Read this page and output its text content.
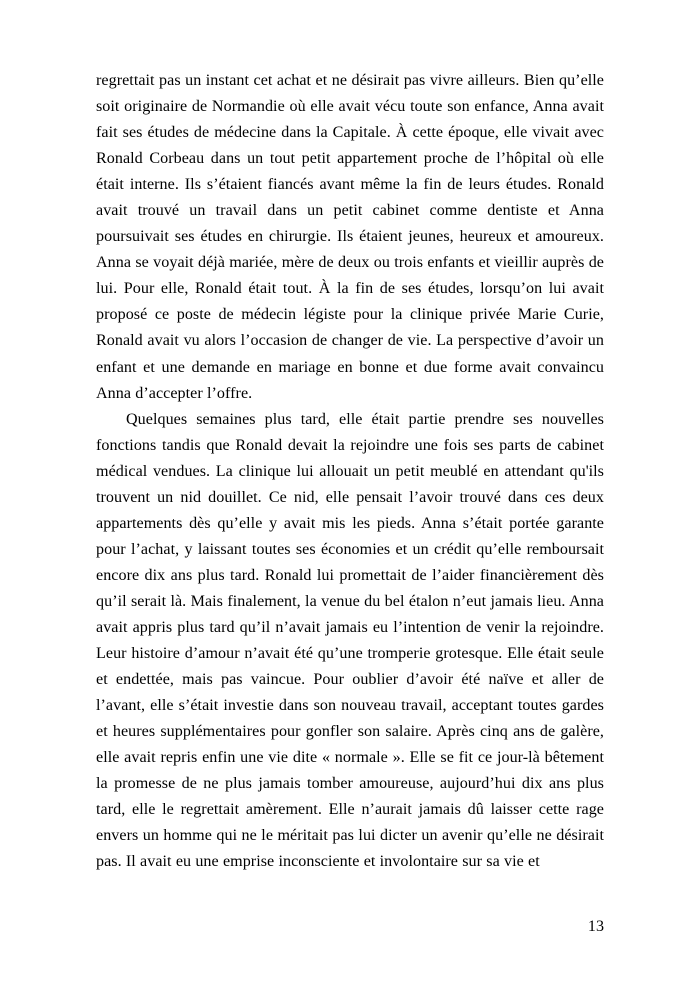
regrettait pas un instant cet achat et ne désirait pas vivre ailleurs. Bien qu’elle soit originaire de Normandie où elle avait vécu toute son enfance, Anna avait fait ses études de médecine dans la Capitale. À cette époque, elle vivait avec Ronald Corbeau dans un tout petit appartement proche de l’hôpital où elle était interne. Ils s’étaient fiancés avant même la fin de leurs études. Ronald avait trouvé un travail dans un petit cabinet comme dentiste et Anna poursuivait ses études en chirurgie. Ils étaient jeunes, heureux et amoureux. Anna se voyait déjà mariée, mère de deux ou trois enfants et vieillir auprès de lui. Pour elle, Ronald était tout. À la fin de ses études, lorsqu’on lui avait proposé ce poste de médecin légiste pour la clinique privée Marie Curie, Ronald avait vu alors l’occasion de changer de vie. La perspective d’avoir un enfant et une demande en mariage en bonne et due forme avait convaincu Anna d’accepter l’offre.

Quelques semaines plus tard, elle était partie prendre ses nouvelles fonctions tandis que Ronald devait la rejoindre une fois ses parts de cabinet médical vendues. La clinique lui allouait un petit meublé en attendant qu'ils trouvent un nid douillet. Ce nid, elle pensait l’avoir trouvé dans ces deux appartements dès qu’elle y avait mis les pieds. Anna s’était portée garante pour l’achat, y laissant toutes ses économies et un crédit qu’elle remboursait encore dix ans plus tard. Ronald lui promettait de l’aider financièrement dès qu’il serait là. Mais finalement, la venue du bel étalon n’eut jamais lieu. Anna avait appris plus tard qu’il n’avait jamais eu l’intention de venir la rejoindre. Leur histoire d’amour n’avait été qu’une tromperie grotesque. Elle était seule et endettée, mais pas vaincue. Pour oublier d’avoir été naïve et aller de l’avant, elle s’était investie dans son nouveau travail, acceptant toutes gardes et heures supplémentaires pour gonfler son salaire. Après cinq ans de galère, elle avait repris enfin une vie dite « normale ». Elle se fit ce jour-là bêtement la promesse de ne plus jamais tomber amoureuse, aujourd’hui dix ans plus tard, elle le regrettait amèrement. Elle n’aurait jamais dû laisser cette rage envers un homme qui ne le méritait pas lui dicter un avenir qu’elle ne désirait pas. Il avait eu une emprise inconsciente et involontaire sur sa vie et

13
